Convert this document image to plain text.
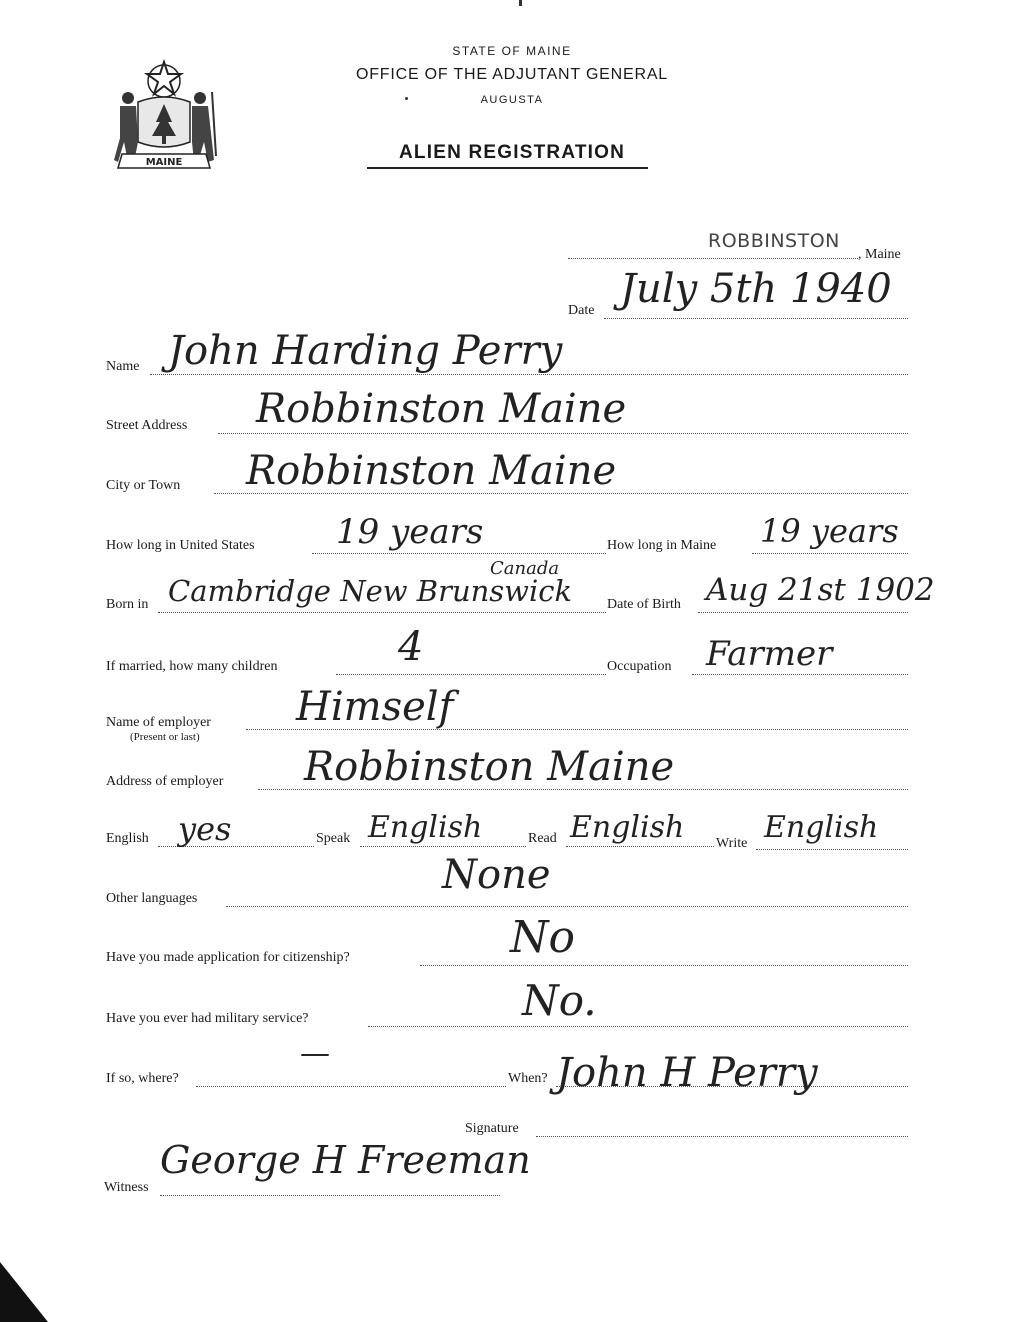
MAINE
STATE OF MAINE
OFFICE OF THE ADJUTANT GENERAL
AUGUSTA
ALIEN REGISTRATION
ROBBINSTON
, Maine
Date July 5th 1940
Name John Harding Perry
Street Address Robbinston Maine
City or Town Robbinston Maine
How long in United States 19 years	How long in Maine 19 years
Born in Cambridge New Brunswick
Canada
Date of Birth Aug 21st 1902
If married, how many children	4	Occupation Farmer
Name of employer
(Present or last)
Himself
Address of employer Robbinston Maine
English yes	Speak English	Read English Write English
Other languages
None
Have you made application for citizenship?	No
Have you ever had military service?	No.
If so, where?
—
When? John H Perry
Signature
Witness
George H Freeman
